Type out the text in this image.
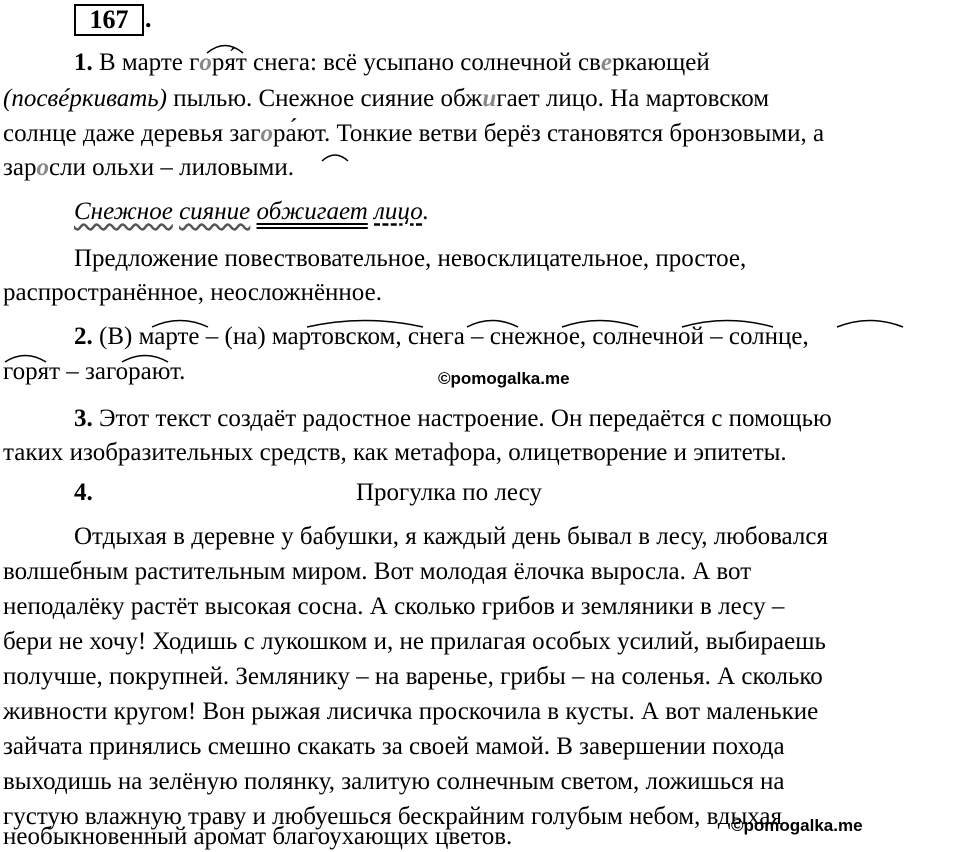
167 .
1. В марте горя́т снега: всё усыпано солнечной сверкающей
(посвéркивать) пылью. Снежное сияние обжигает лицо. На мартовском
солнце даже деревья загора́ют. Тонкие ветви берёз становятся бронзовыми, а
заросли ольхи – лиловыми.
Снежное сияние обжигает лицо.
Предложение повествовательное, невосклицательное, простое,
распространённое, неосложнённое.
2. (В) марте – (на) мартовском, снега – снежное, солнечной – солнце,
горят – загорают.	©pomogalka.me
3. Этот текст создаёт радостное настроение. Он передаётся с помощью
таких изобразительных средств, как метафора, олицетворение и эпитеты.
4.	Прогулка по лесу
Отдыхая в деревне у бабушки, я каждый день бывал в лесу, любовался
волшебным растительным миром. Вот молодая ёлочка выросла. А вот
неподалёку растёт высокая сосна. А сколько грибов и земляники в лесу –
бери не хочу! Ходишь с лукошком и, не прилагая особых усилий, выбираешь
получше, покрупней. Землянику – на варенье, грибы – на соленья. А сколько
живности кругом! Вон рыжая лисичка проскочила в кусты. А вот маленькие
зайчата принялись смешно скакать за своей мамой. В завершении похода
выходишь на зелёную полянку, залитую солнечным светом, ложишься на
густую влажную траву и любуешься бескрайним голубым небом, вдыхая
необыкновенный аромат благоухающих цветов.	©pomogalka.me
